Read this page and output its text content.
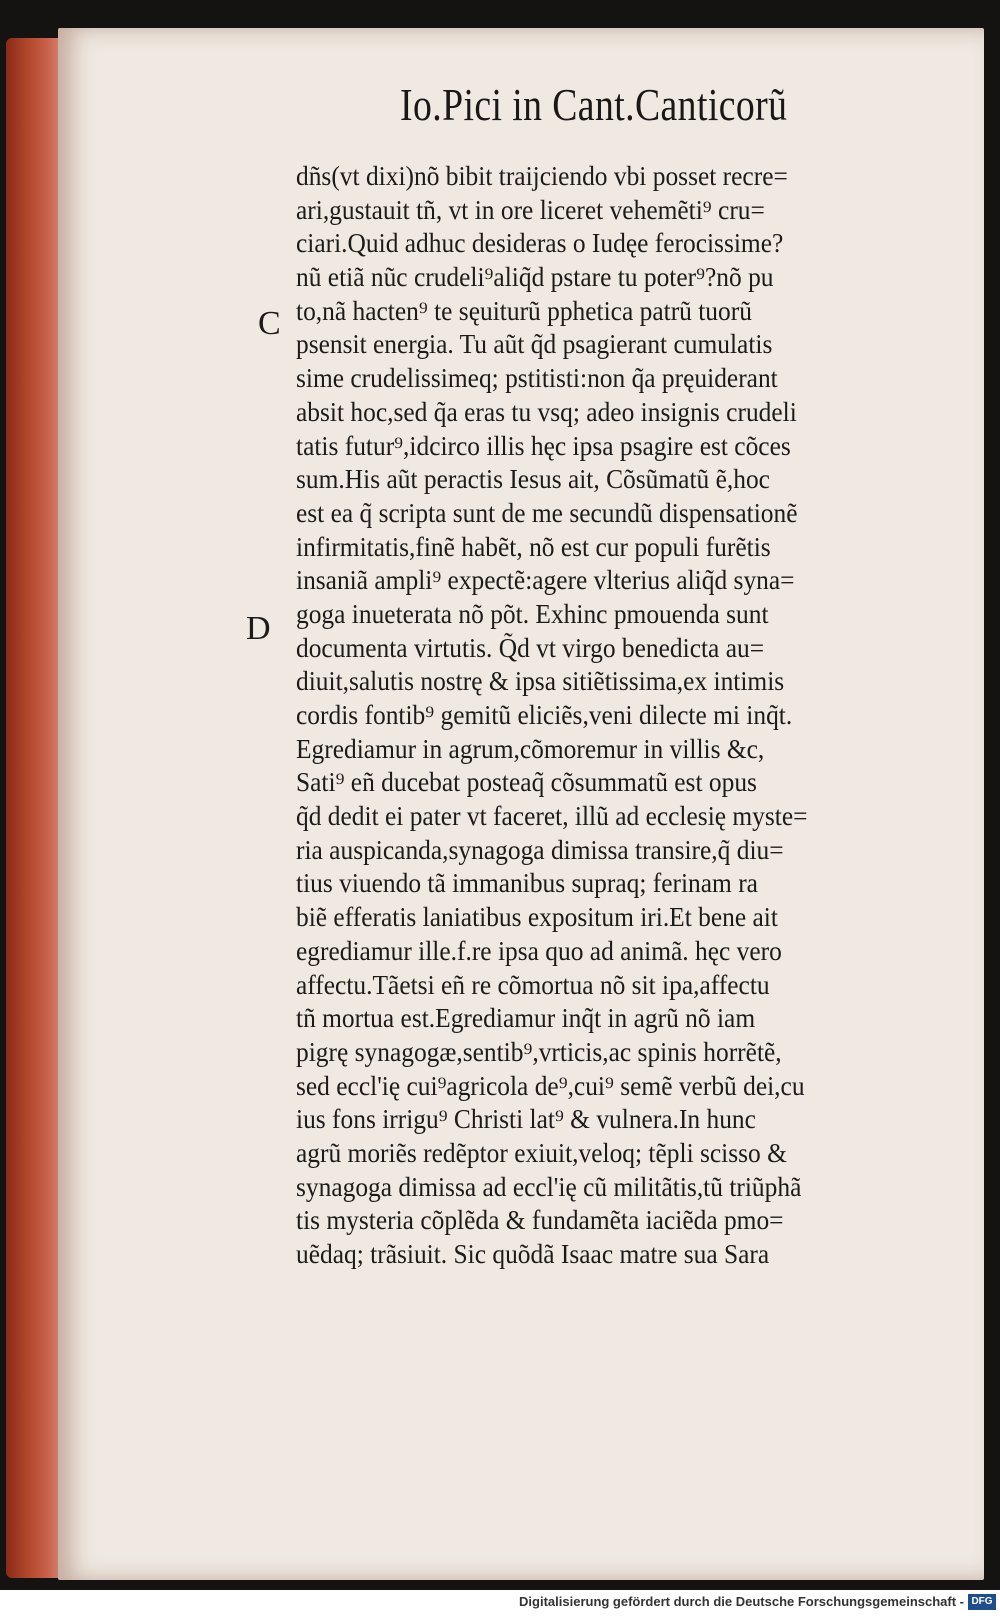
Io.Pici in Cant.Canticorũ
C
D
dñs(vt dixi)nõ bibit traijciendo vbi posset recre=
ari,gustauit tñ, vt in ore liceret vehemẽti⁹ cru=
ciari.Quid adhuc desideras o Iudęe ferocissime?
nũ etiã nũc crudeli⁹aliq̃d pstare tu poter⁹?nõ pu
to,nã hacten⁹ te sęuiturũ pphetica patrũ tuorũ
psensit energia. Tu aũt q̃d psagierant cumulatis
sime crudelissimeq; pstitisti:non q̃a pręuiderant
absit hoc,sed q̃a eras tu vsq; adeo insignis crudeli
tatis futur⁹,idcirco illis hęc ipsa psagire est cõces
sum.His aũt peractis Iesus ait, Cõsũmatũ ẽ,hoc
est ea q̃ scripta sunt de me secundũ dispensationẽ
infirmitatis,finẽ habẽt, nõ est cur populi furẽtis
insaniã ampli⁹ expectẽ:agere vlterius aliq̃d syna=
goga inueterata nõ põt. Exhinc pmouenda sunt
documenta virtutis. Q̃d vt virgo benedicta au=
diuit,salutis nostrę & ipsa sitiẽtissima,ex intimis
cordis fontib⁹ gemitũ eliciẽs,veni dilecte mi inq̃t.
Egrediamur in agrum,cõmoremur in villis &c,
Sati⁹ eñ ducebat posteaq̃ cõsummatũ est opus
q̃d dedit ei pater vt faceret, illũ ad ecclesię myste=
ria auspicanda,synagoga dimissa transire,q̃ diu=
tius viuendo tã immanibus supraq; ferinam ra
biẽ efferatis laniatibus expositum iri.Et bene ait
egrediamur ille.f.re ipsa quo ad animã. hęc vero
affectu.Tãetsi eñ re cõmortua nõ sit ipa,affectu
tñ mortua est.Egrediamur inq̃t in agrũ nõ iam
pigrę synagogæ,sentib⁹,vrticis,ac spinis horrẽtẽ,
sed eccl'ię cui⁹agricola de⁹,cui⁹ semẽ verbũ dei,cu
ius fons irrigu⁹ Christi lat⁹ & vulnera.In hunc
agrũ moriẽs redẽptor exiuit,veloq; tẽpli scisso &
synagoga dimissa ad eccl'ię cũ militãtis,tũ triũphã
tis mysteria cõplẽda & fundamẽta iaciẽda pmo=
uẽdaq; trãsiuit. Sic quõdã Isaac matre sua Sara
Digitalisierung gefördert durch die Deutsche Forschungsgemeinschaft - DFG
